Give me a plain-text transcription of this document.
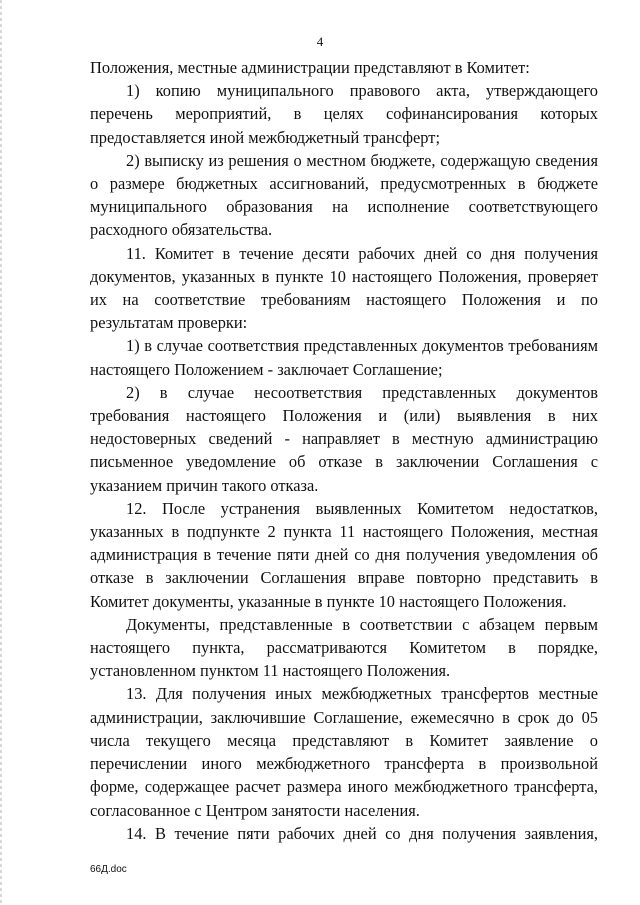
4

Положения, местные администрации представляют в Комитет:

1) копию муниципального правового акта, утверждающего перечень мероприятий, в целях софинансирования которых предоставляется иной межбюджетный трансферт;

2) выписку из решения о местном бюджете, содержащую сведения о размере бюджетных ассигнований, предусмотренных в бюджете муниципального образования на исполнение соответствующего расходного обязательства.

11. Комитет в течение десяти рабочих дней со дня получения документов, указанных в пункте 10 настоящего Положения, проверяет их на соответствие требованиям настоящего Положения и по результатам проверки:

1) в случае соответствия представленных документов требованиям настоящего Положением - заключает Соглашение;

2) в случае несоответствия представленных документов требования настоящего Положения и (или) выявления в них недостоверных сведений - направляет в местную администрацию письменное уведомление об отказе в заключении Соглашения с указанием причин такого отказа.

12. После устранения выявленных Комитетом недостатков, указанных в подпункте 2 пункта 11 настоящего Положения, местная администрация в течение пяти дней со дня получения уведомления об отказе в заключении Соглашения вправе повторно представить в Комитет документы, указанные в пункте 10 настоящего Положения.

Документы, представленные в соответствии с абзацем первым настоящего пункта, рассматриваются Комитетом в порядке, установленном пунктом 11 настоящего Положения.

13. Для получения иных межбюджетных трансфертов местные администрации, заключившие Соглашение, ежемесячно в срок до 05 числа текущего месяца представляют в Комитет заявление о перечислении иного межбюджетного трансферта в произвольной форме, содержащее расчет размера иного межбюджетного трансферта, согласованное с Центром занятости населения.

14. В течение пяти рабочих дней со дня получения заявления,

66Д.doc
